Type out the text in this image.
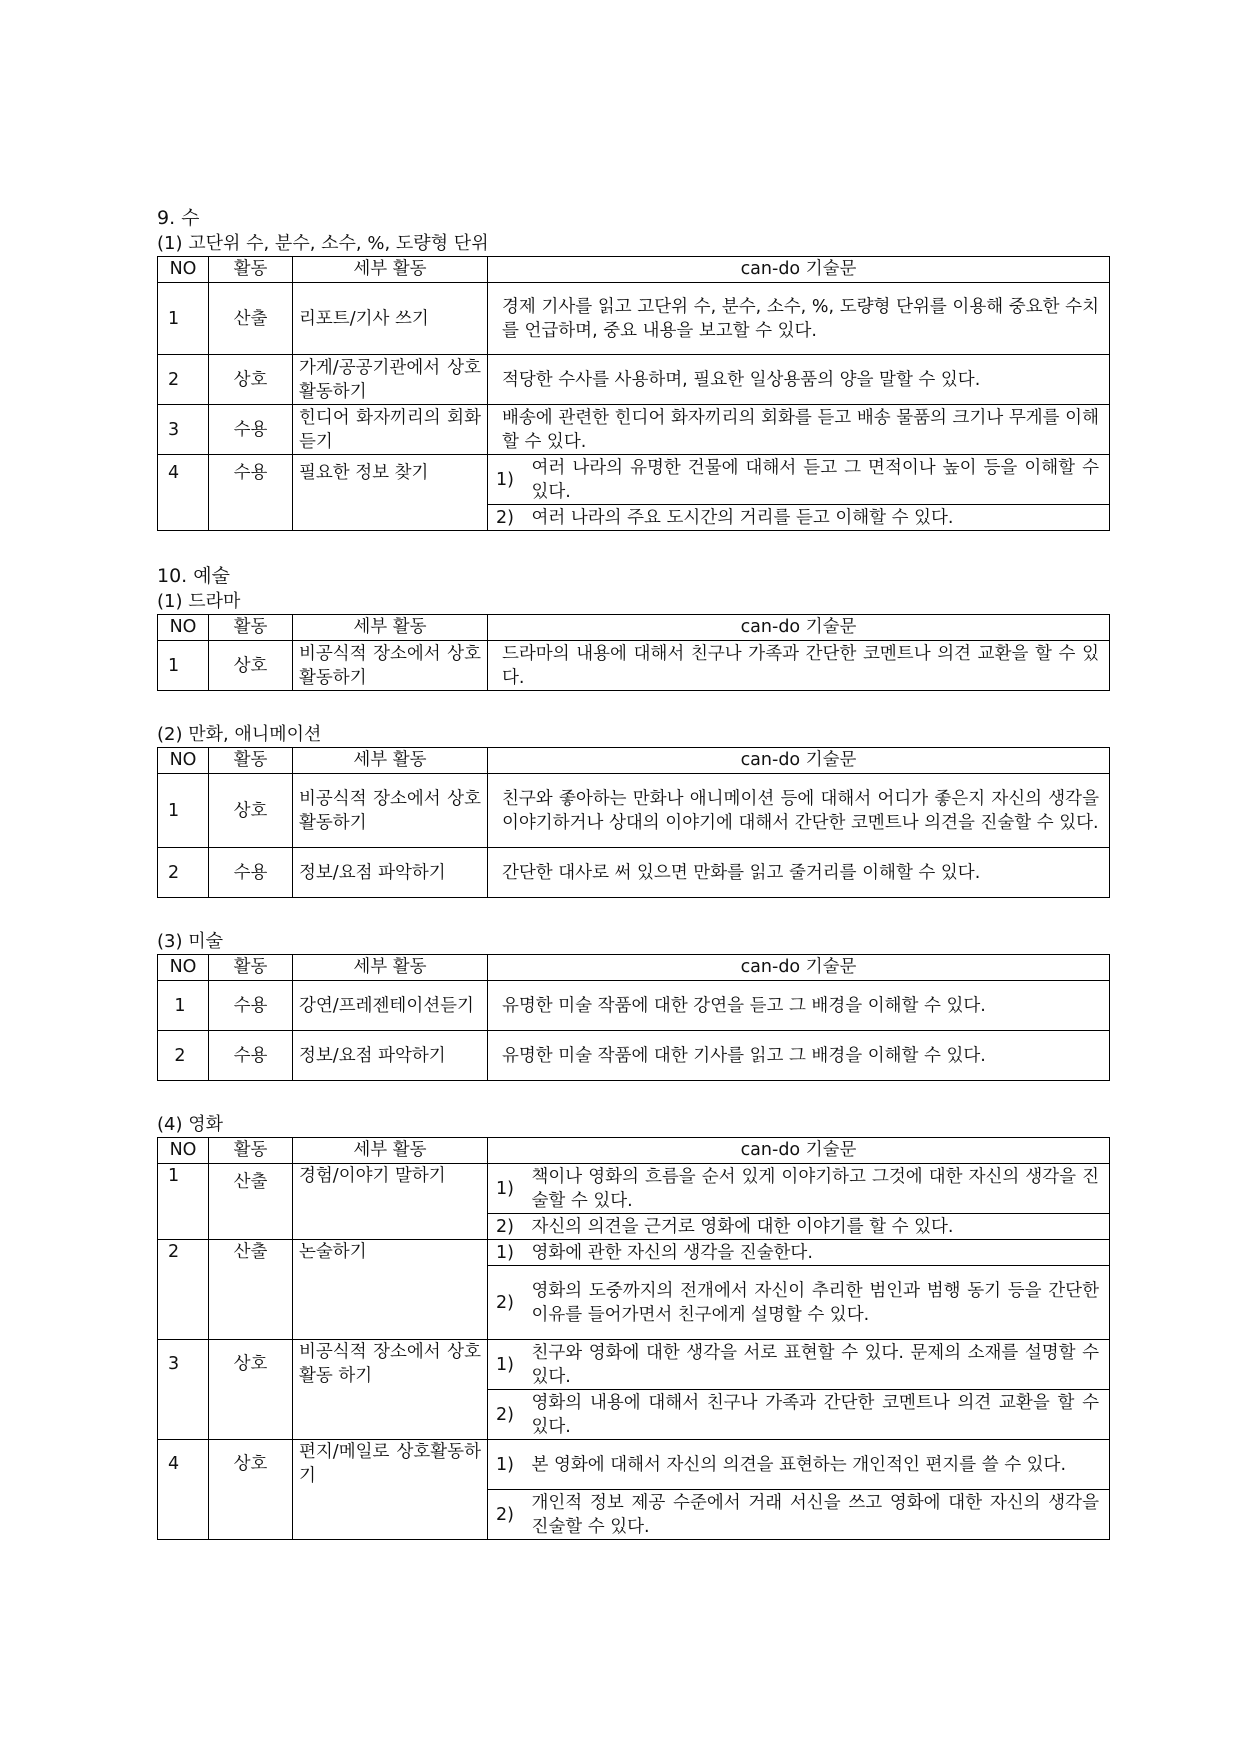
9. 수
(1) 고단위 수, 분수, 소수, %, 도량형 단위
NO	활동	세부 활동	can-do 기술문	
1	산출	리포트/기사 쓰기	경제 기사를 읽고 고단위 수, 분수, 소수, %, 도량형 단위를 이용해 중요한 수치를 언급하며, 중요 내용을 보고할 수 있다.	
2	상호	가게/공공기관에서 상호활동하기	적당한 수사를 사용하며, 필요한 일상용품의 양을 말할 수 있다.	
3	수용	힌디어 화자끼리의 회화듣기	배송에 관련한 힌디어 화자끼리의 회화를 듣고 배송 물품의 크기나 무게를 이해할 수 있다.	
4	수용	필요한 정보 찾기	1)	여러 나라의 유명한 건물에 대해서 듣고 그 면적이나 높이 등을 이해할 수 있다.
			2)	여러 나라의 주요 도시간의 거리를 듣고 이해할 수 있다.
10. 예술
(1) 드라마
NO	활동	세부 활동	can-do 기술문
1	상호	비공식적 장소에서 상호활동하기	드라마의 내용에 대해서 친구나 가족과 간단한 코멘트나 의견 교환을 할 수 있다.
(2) 만화, 애니메이션
NO	활동	세부 활동	can-do 기술문
1	상호	비공식적 장소에서 상호활동하기	친구와 좋아하는 만화나 애니메이션 등에 대해서 어디가 좋은지 자신의 생각을 이야기하거나 상대의 이야기에 대해서 간단한 코멘트나 의견을 진술할 수 있다.
2	수용	정보/요점 파악하기	간단한 대사로 써 있으면 만화를 읽고 줄거리를 이해할 수 있다.
(3) 미술
NO	활동	세부 활동	can-do 기술문
1	수용	강연/프레젠테이션듣기	유명한 미술 작품에 대한 강연을 듣고 그 배경을 이해할 수 있다.
2	수용	정보/요점 파악하기	유명한 미술 작품에 대한 기사를 읽고 그 배경을 이해할 수 있다.
(4) 영화
NO	활동	세부 활동	can-do 기술문	
1	산출	경험/이야기 말하기	1)	책이나 영화의 흐름을 순서 있게 이야기하고 그것에 대한 자신의 생각을 진술할 수 있다.
			2)	자신의 의견을 근거로 영화에 대한 이야기를 할 수 있다.
2	산출	논술하기	1)	영화에 관한 자신의 생각을 진술한다.
			2)	영화의 도중까지의 전개에서 자신이 추리한 범인과 범행 동기 등을 간단한 이유를 들어가면서 친구에게 설명할 수 있다.
3	상호	비공식적 장소에서 상호활동 하기	1)	친구와 영화에 대한 생각을 서로 표현할 수 있다. 문제의 소재를 설명할 수 있다.
			2)	영화의 내용에 대해서 친구나 가족과 간단한 코멘트나 의견 교환을 할 수 있다.
4	상호	편지/메일로 상호활동하기	1)	본 영화에 대해서 자신의 의견을 표현하는 개인적인 편지를 쓸 수 있다.
			2)	개인적 정보 제공 수준에서 거래 서신을 쓰고 영화에 대한 자신의 생각을 진술할 수 있다.
